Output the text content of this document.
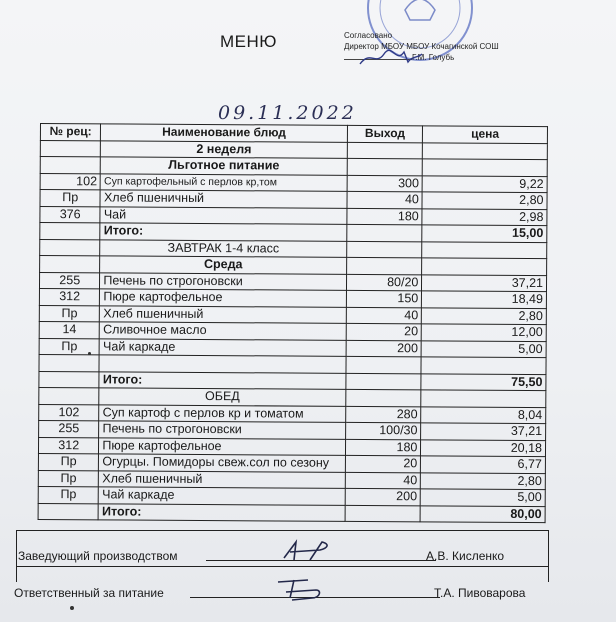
МЕНЮ	Согласовано
Директор МБОУ МБОУ Кочагинской СОШ
Г.М. Голубь
09.11.2022
№ рец:	Наименование блюд	Выход	цена
	2 неделя		
	Льготное питание		
102	Суп картофельный с перлов кр,том	300	9,22
Пр	Хлеб пшеничный	40	2,80
376	Чай	180	2,98
	Итого:		15,00
	ЗАВТРАК 1-4 класс		
	Среда		
255	Печень по строгоновски	80/20	37,21
312	Пюре картофельное	150	18,49
Пр	Хлеб пшеничный	40	2,80
14	Сливочное масло	20	12,00
Пр	Чай каркаде	200	5,00

	Итого:		75,50
	ОБЕД		
102	Суп картоф с перлов кр и томатом	280	8,04
255	Печень по строгоновски	100/30	37,21
312	Пюре картофельное	180	20,18
Пр	Огурцы. Помидоры свеж.сол по сезону	20	6,77
Пр	Хлеб пшеничный	40	2,80
Пр	Чай каркаде	200	5,00
	Итого:		80,00
Заведующий производством	А.В. Кисленко
Ответственный за питание	Т.А. Пивоварова
